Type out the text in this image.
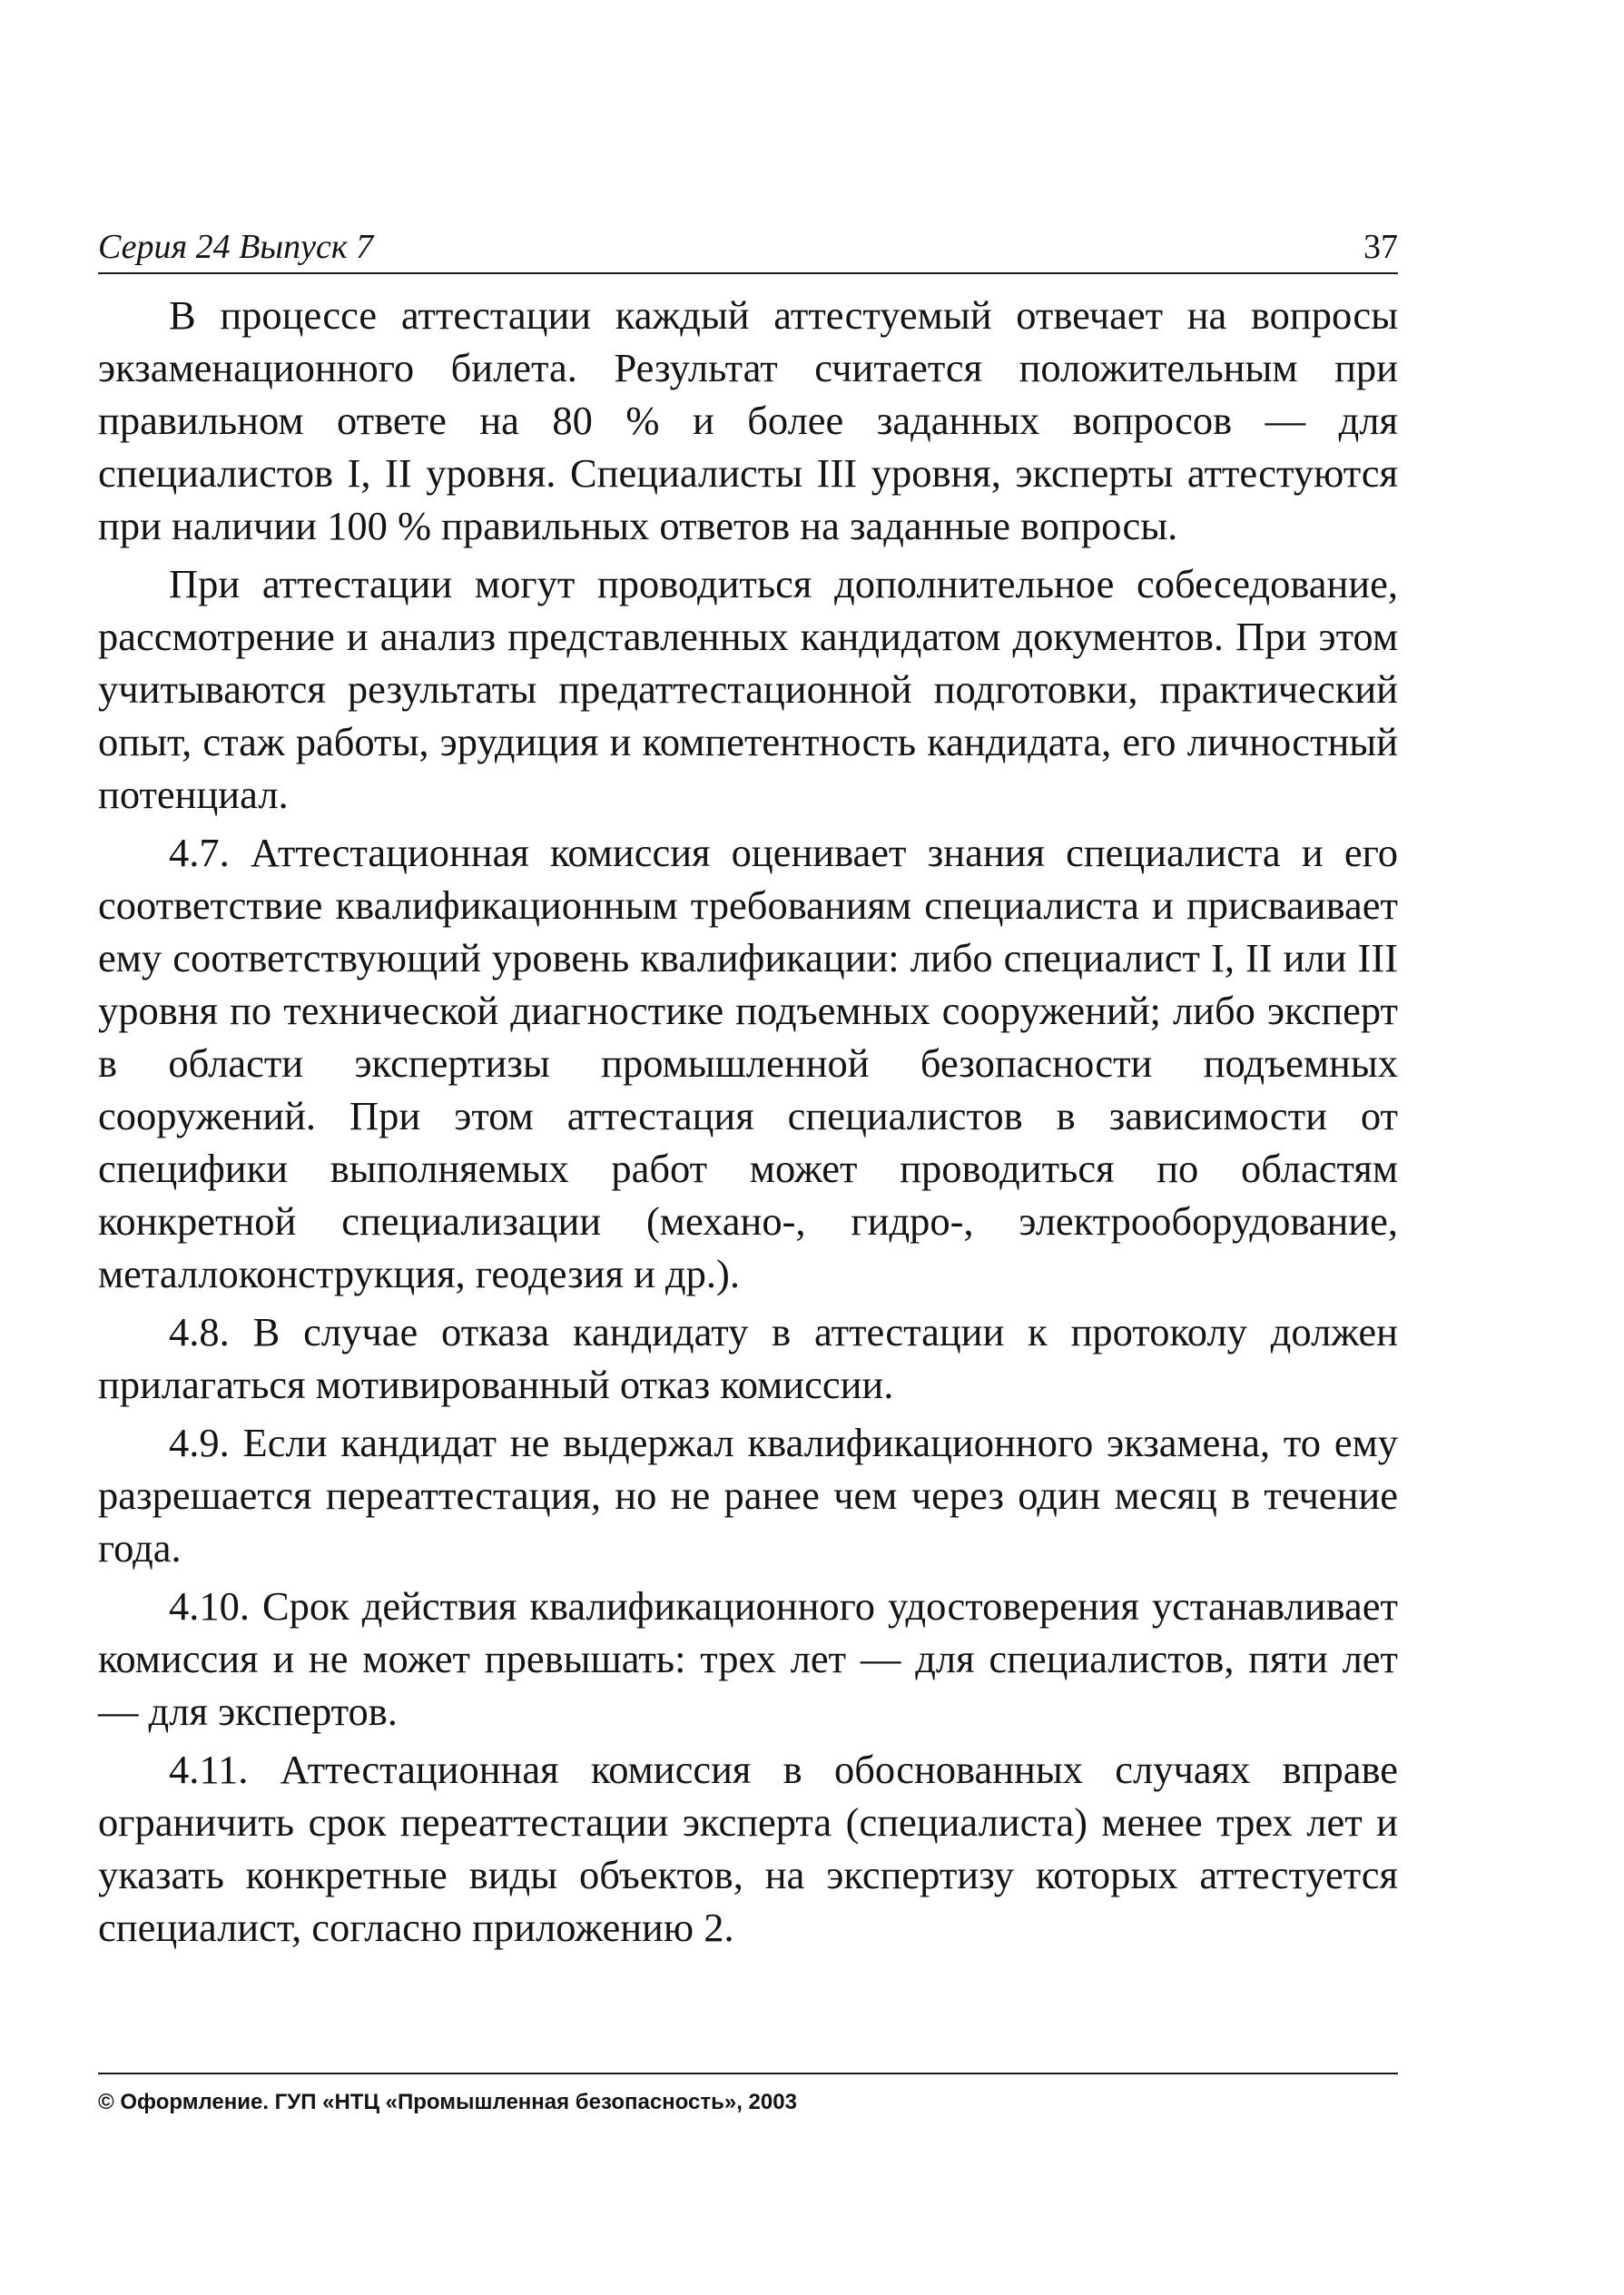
Серия 24 Выпуск 7	37

В процессе аттестации каждый аттестуемый отвечает на вопросы экзаменационного билета. Результат считается положительным при правильном ответе на 80 % и более заданных вопросов — для специалистов I, II уровня. Специалисты III уровня, эксперты аттестуются при наличии 100 % правильных ответов на заданные вопросы.

При аттестации могут проводиться дополнительное собеседование, рассмотрение и анализ представленных кандидатом документов. При этом учитываются результаты предаттестационной подготовки, практический опыт, стаж работы, эрудиция и компетентность кандидата, его личностный потенциал.

4.7. Аттестационная комиссия оценивает знания специалиста и его соответствие квалификационным требованиям специалиста и присваивает ему соответствующий уровень квалификации: либо специалист I, II или III уровня по технической диагностике подъемных сооружений; либо эксперт в области экспертизы промышленной безопасности подъемных сооружений. При этом аттестация специалистов в зависимости от специфики выполняемых работ может проводиться по областям конкретной специализации (механо-, гидро-, электрооборудование, металлоконструкция, геодезия и др.).

4.8. В случае отказа кандидату в аттестации к протоколу должен прилагаться мотивированный отказ комиссии.

4.9. Если кандидат не выдержал квалификационного экзамена, то ему разрешается переаттестация, но не ранее чем через один месяц в течение года.

4.10. Срок действия квалификационного удостоверения устанавливает комиссия и не может превышать: трех лет — для специалистов, пяти лет — для экспертов.

4.11. Аттестационная комиссия в обоснованных случаях вправе ограничить срок переаттестации эксперта (специалиста) менее трех лет и указать конкретные виды объектов, на экспертизу которых аттестуется специалист, согласно приложению 2.

© Оформление. ГУП «НТЦ «Промышленная безопасность», 2003
